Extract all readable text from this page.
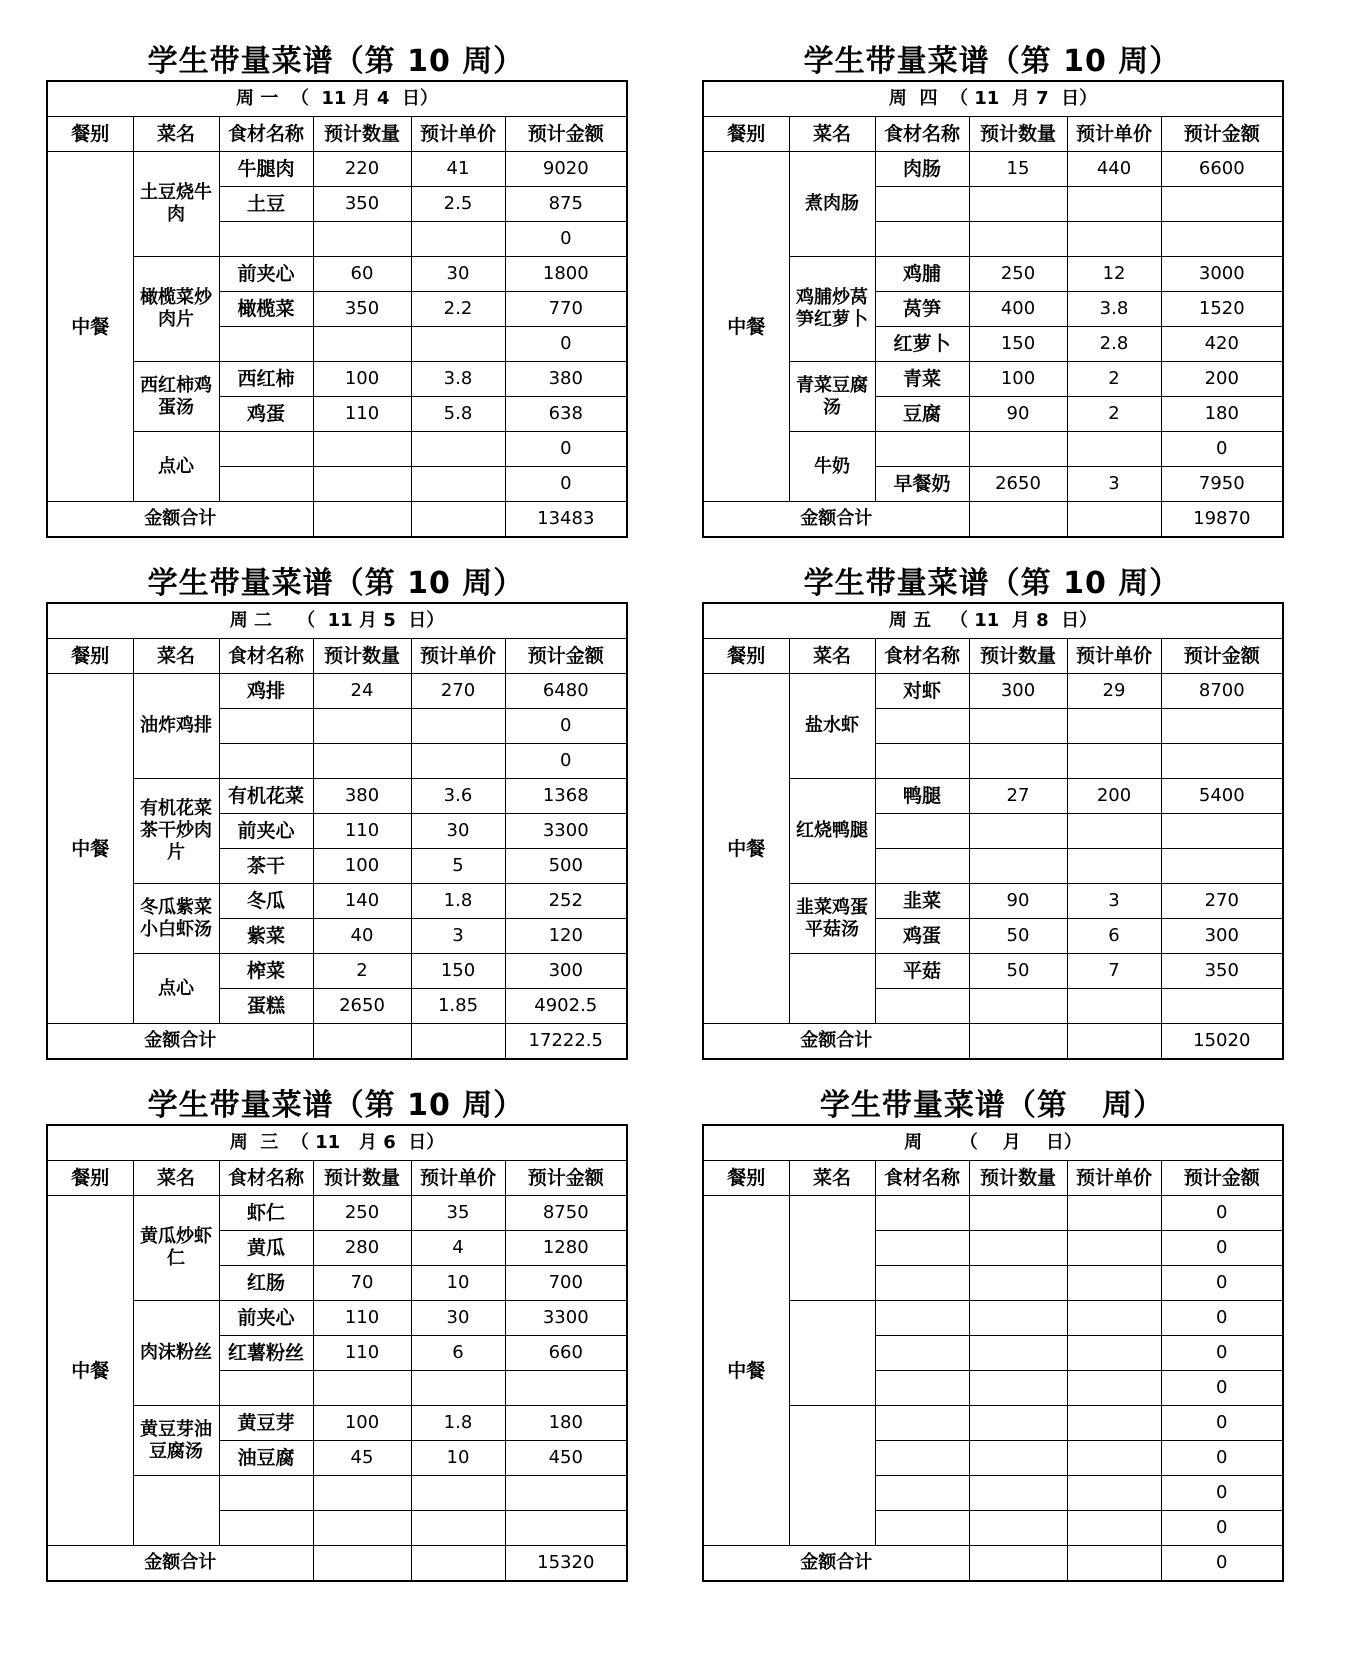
学生带量菜谱（第 10 周）
周 一  （  11 月 4  日）					
餐别	菜名	食材名称	预计数量	预计单价	预计金额
中餐	土豆烧牛肉	牛腿肉	220	41	9020
		土豆	350	2.5	875
					0
	橄榄菜炒肉片	前夹心	60	30	1800
		橄榄菜	350	2.2	770
					0
	西红柿鸡蛋汤	西红柿	100	3.8	380
		鸡蛋	110	5.8	638
	点心				0
					0
金额合计					13483
学生带量菜谱（第 10 周）
周  四  （ 11  月 7  日）					
餐别	菜名	食材名称	预计数量	预计单价	预计金额
中餐	煮肉肠	肉肠	15	440	6600

	鸡脯炒莴笋红萝卜	鸡脯	250	12	3000
		莴笋	400	3.8	1520
		红萝卜	150	2.8	420
	青菜豆腐汤	青菜	100	2	200
		豆腐	90	2	180
	牛奶				0
		早餐奶	2650	3	7950
金额合计					19870
学生带量菜谱（第 10 周）
周 二    （  11 月 5  日）					
餐别	菜名	食材名称	预计数量	预计单价	预计金额
中餐	油炸鸡排	鸡排	24	270	6480
					0
					0
	有机花菜茶干炒肉片	有机花菜	380	3.6	1368
		前夹心	110	30	3300
		茶干	100	5	500
	冬瓜紫菜小白虾汤	冬瓜	140	1.8	252
		紫菜	40	3	120
	点心	榨菜	2	150	300
		蛋糕	2650	1.85	4902.5
金额合计					17222.5
学生带量菜谱（第 10 周）
周 五   （ 11  月 8  日）					
餐别	菜名	食材名称	预计数量	预计单价	预计金额
中餐	盐水虾	对虾	300	29	8700

	红烧鸭腿	鸭腿	27	200	5400

	韭菜鸡蛋平菇汤	韭菜	90	3	270
		鸡蛋	50	6	300
		平菇	50	7	350

金额合计					15020
学生带量菜谱（第 10 周）
周  三  （ 11   月 6  日）					
餐别	菜名	食材名称	预计数量	预计单价	预计金额
中餐	黄瓜炒虾仁	虾仁	250	35	8750
		黄瓜	280	4	1280
		红肠	70	10	700
	肉沫粉丝	前夹心	110	30	3300
		红薯粉丝	110	6	660

	黄豆芽油豆腐汤	黄豆芽	100	1.8	180
		油豆腐	45	10	450

金额合计					15320
学生带量菜谱（第   周）
周      （    月    日）					
餐别	菜名	食材名称	预计数量	预计单价	预计金额
中餐					0
					0
					0
					0
					0
					0
					0
					0
					0
					0
金额合计					0
